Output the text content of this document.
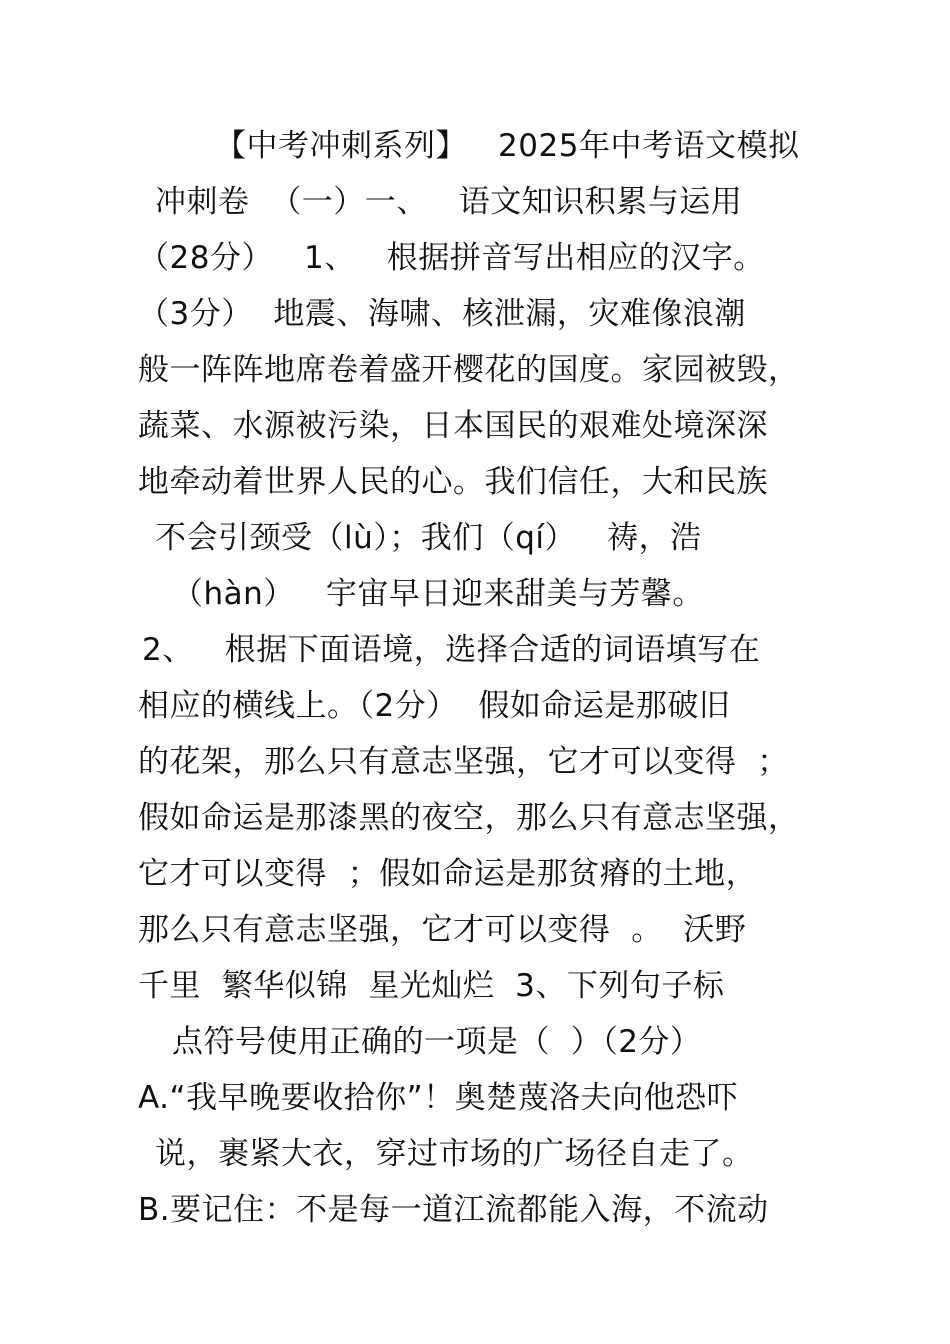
【中考冲刺系列】   2025年中考语文模拟
冲刺卷  （一）一、   语文知识积累与运用
（28分）   1、   根据拼音写出相应的汉字。
（3分）  地震、海啸、核泄漏，灾难像浪潮
般一阵阵地席卷着盛开樱花的国度。家园被毁，
蔬菜、水源被污染，日本国民的艰难处境深深
地牵动着世界人民的心。我们信任，大和民族
不会引颈受（lù）；我们（qí）   祷，浩
（hàn）   宇宙早日迎来甜美与芳馨。
2、   根据下面语境，选择合适的词语填写在
相应的横线上。（2分）  假如命运是那破旧
的花架，那么只有意志坚强，它才可以变得  ；
假如命运是那漆黑的夜空，那么只有意志坚强，
它才可以变得  ；假如命运是那贫瘠的土地，
那么只有意志坚强，它才可以变得  。  沃野
千里  繁华似锦  星光灿烂  3、下列句子标
点符号使用正确的一项是（  ）（2分）
A.“我早晚要收拾你”！奥楚蔑洛夫向他恐吓
说，裹紧大衣，穿过市场的广场径自走了。
B.要记住：不是每一道江流都能入海，不流动
